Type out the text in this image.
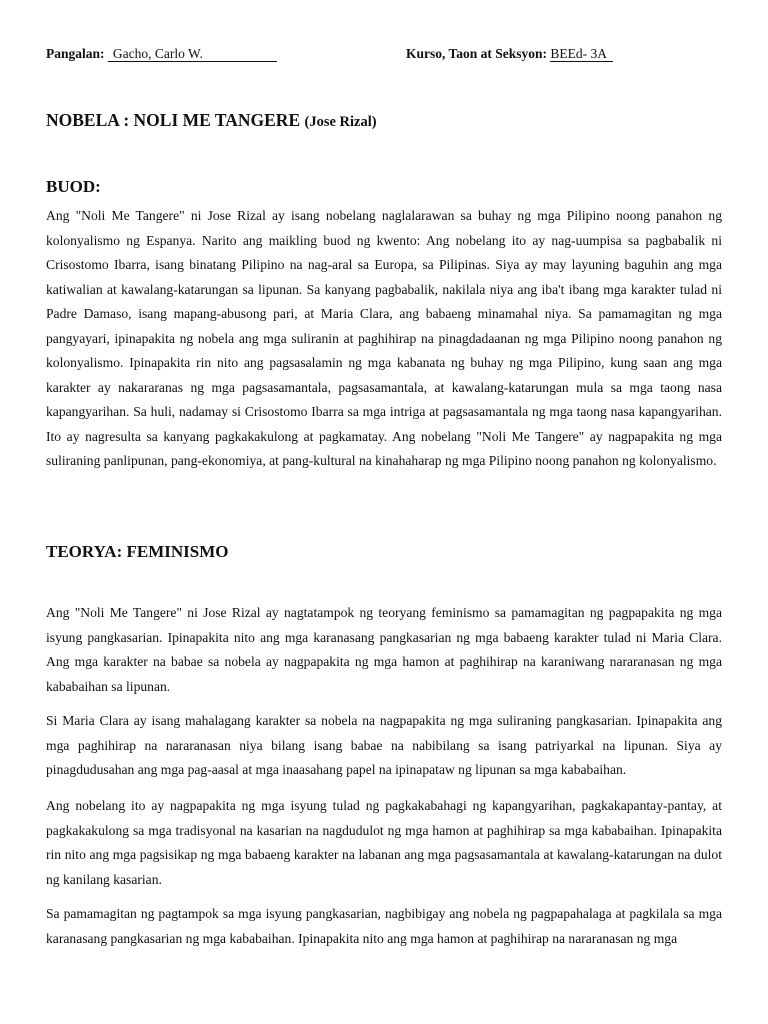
Pangalan: Gacho, Carlo W.	Kurso, Taon at Seksyon: BEEd- 3A
NOBELA : NOLI ME TANGERE (Jose Rizal)
BUOD:

Ang "Noli Me Tangere" ni Jose Rizal ay isang nobelang naglalarawan sa buhay ng mga Pilipino noong panahon ng kolonyalismo ng Espanya. Narito ang maikling buod ng kwento: Ang nobelang ito ay nag-uumpisa sa pagbabalik ni Crisostomo Ibarra, isang binatang Pilipino na nag-aral sa Europa, sa Pilipinas. Siya ay may layuning baguhin ang mga katiwalian at kawalang-katarungan sa lipunan. Sa kanyang pagbabalik, nakilala niya ang iba't ibang mga karakter tulad ni Padre Damaso, isang mapang-abusong pari, at Maria Clara, ang babaeng minamahal niya. Sa pamamagitan ng mga pangyayari, ipinapakita ng nobela ang mga suliranin at paghihirap na pinagdadaanan ng mga Pilipino noong panahon ng kolonyalismo. Ipinapakita rin nito ang pagsasalamin ng mga kabanata ng buhay ng mga Pilipino, kung saan ang mga karakter ay nakararanas ng mga pagsasamantala, pagsasamantala, at kawalang-katarungan mula sa mga taong nasa kapangyarihan. Sa huli, nadamay si Crisostomo Ibarra sa mga intriga at pagsasamantala ng mga taong nasa kapangyarihan. Ito ay nagresulta sa kanyang pagkakakulong at pagkamatay. Ang nobelang "Noli Me Tangere" ay nagpapakita ng mga suliraning panlipunan, pang-ekonomiya, at pang-kultural na kinahaharap ng mga Pilipino noong panahon ng kolonyalismo.

TEORYA: FEMINISMO

Ang "Noli Me Tangere" ni Jose Rizal ay nagtatampok ng teoryang feminismo sa pamamagitan ng pagpapakita ng mga isyung pangkasarian. Ipinapakita nito ang mga karanasang pangkasarian ng mga babaeng karakter tulad ni Maria Clara. Ang mga karakter na babae sa nobela ay nagpapakita ng mga hamon at paghihirap na karaniwang nararanasan ng mga kababaihan sa lipunan.

Si Maria Clara ay isang mahalagang karakter sa nobela na nagpapakita ng mga suliraning pangkasarian. Ipinapakita ang mga paghihirap na nararanasan niya bilang isang babae na nabibilang sa isang patriyarkal na lipunan. Siya ay pinagdudusahan ang mga pag-aasal at mga inaasahang papel na ipinapataw ng lipunan sa mga kababaihan.

Ang nobelang ito ay nagpapakita ng mga isyung tulad ng pagkakabahagi ng kapangyarihan, pagkakapantay-pantay, at pagkakakulong sa mga tradisyonal na kasarian na nagdudulot ng mga hamon at paghihirap sa mga kababaihan. Ipinapakita rin nito ang mga pagsisikap ng mga babaeng karakter na labanan ang mga pagsasamantala at kawalang-katarungan na dulot ng kanilang kasarian.

Sa pamamagitan ng pagtampok sa mga isyung pangkasarian, nagbibigay ang nobela ng pagpapahalaga at pagkilala sa mga karanasang pangkasarian ng mga kababaihan. Ipinapakita nito ang mga hamon at paghihirap na nararanasan ng mga
